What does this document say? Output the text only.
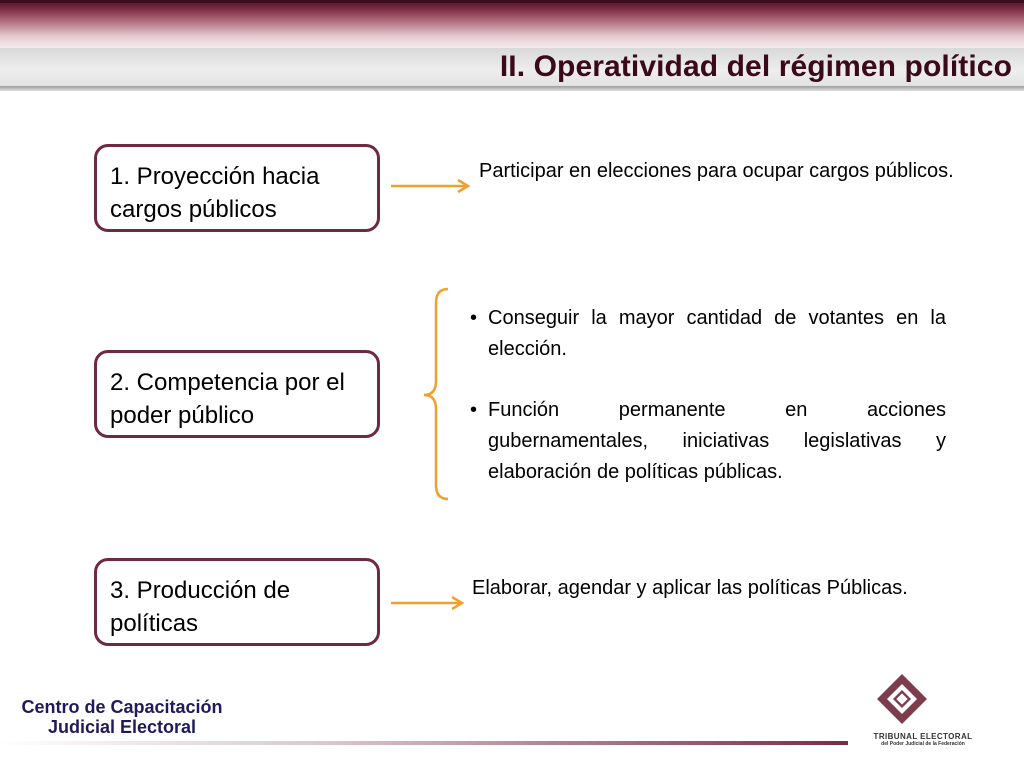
II. Operatividad del régimen político
1. Proyección hacia cargos públicos
2. Competencia por el poder público
3. Producción de políticas

Participar en elecciones para ocupar cargos públicos.

• Conseguir la mayor cantidad de votantes en la elección.
• Función permanente en acciones gubernamentales, iniciativas legislativas y elaboración de políticas públicas.

Elaborar, agendar y aplicar las políticas Públicas.

Centro de Capacitación
Judicial Electoral	TRIBUNAL ELECTORAL
del Poder Judicial de la Federación
